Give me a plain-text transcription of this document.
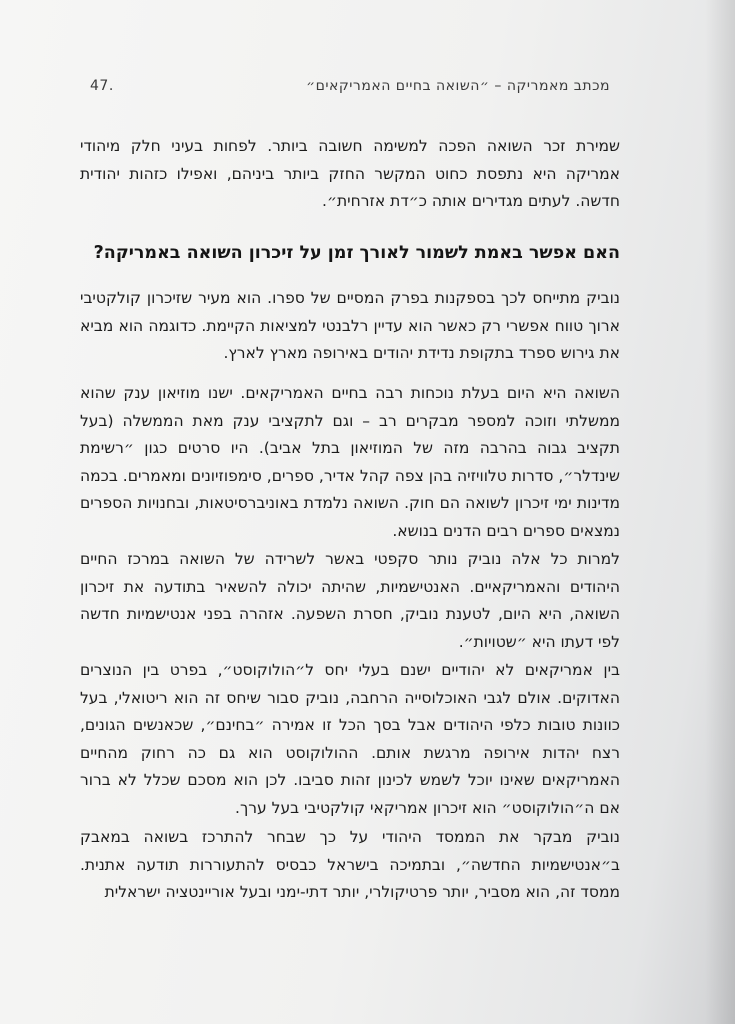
47.	מכתב מאמריקה – ״השואה בחיים האמריקאים״

שמירת זכר השואה הפכה למשימה חשובה ביותר. לפחות בעיני חלק מיהודי אמריקה היא נתפסת כחוט המקשר החזק ביותר ביניהם, ואפילו כזהות יהודית חדשה. לעתים מגדירים אותה כ״דת אזרחית״.

האם אפשר באמת לשמור לאורך זמן על זיכרון השואה באמריקה?

נוביק מתייחס לכך בספקנות בפרק המסיים של ספרו. הוא מעיר שזיכרון קולקטיבי ארוך טווח אפשרי רק כאשר הוא עדיין רלבנטי למציאות הקיימת. כדוגמה הוא מביא את גירוש ספרד בתקופת נדידת יהודים באירופה מארץ לארץ.

השואה היא היום בעלת נוכחות רבה בחיים האמריקאים. ישנו מוזיאון ענק שהוא ממשלתי וזוכה למספר מבקרים רב – וגם לתקציבי ענק מאת הממשלה (בעל תקציב גבוה בהרבה מזה של המוזיאון בתל אביב). היו סרטים כגון ״רשימת שינדלר״, סדרות טלוויזיה בהן צפה קהל אדיר, ספרים, סימפוזיונים ומאמרים. בכמה מדינות ימי זיכרון לשואה הם חוק. השואה נלמדת באוניברסיטאות, ובחנויות הספרים נמצאים ספרים רבים הדנים בנושא.

למרות כל אלה נוביק נותר סקפטי באשר לשרידה של השואה במרכז החיים היהודים והאמריקאיים. האנטישמיות, שהיתה יכולה להשאיר בתודעה את זיכרון השואה, היא היום, לטענת נוביק, חסרת השפעה. אזהרה בפני אנטישמיות חדשה לפי דעתו היא ״שטויות״.

בין אמריקאים לא יהודיים ישנם בעלי יחס ל״הולוקוסט״, בפרט בין הנוצרים האדוקים. אולם לגבי האוכלוסייה הרחבה, נוביק סבור שיחס זה הוא ריטואלי, בעל כוונות טובות כלפי היהודים אבל בסך הכל זו אמירה ״בחינם״, שכאנשים הגונים, רצח יהדות אירופה מרגשת אותם. ההולוקוסט הוא גם כה רחוק מהחיים האמריקאים שאינו יוכל לשמש לכינון זהות סביבו. לכן הוא מסכם שכלל לא ברור אם ה״הולוקוסט״ הוא זיכרון אמריקאי קולקטיבי בעל ערך.

נוביק מבקר את הממסד היהודי על כך שבחר להתרכז בשואה במאבק ב״אנטישמיות החדשה״, ובתמיכה בישראל כבסיס להתעוררות תודעה אתנית. ממסד זה, הוא מסביר, יותר פרטיקולרי, יותר דתי-ימני ובעל אוריינטציה ישראלית
